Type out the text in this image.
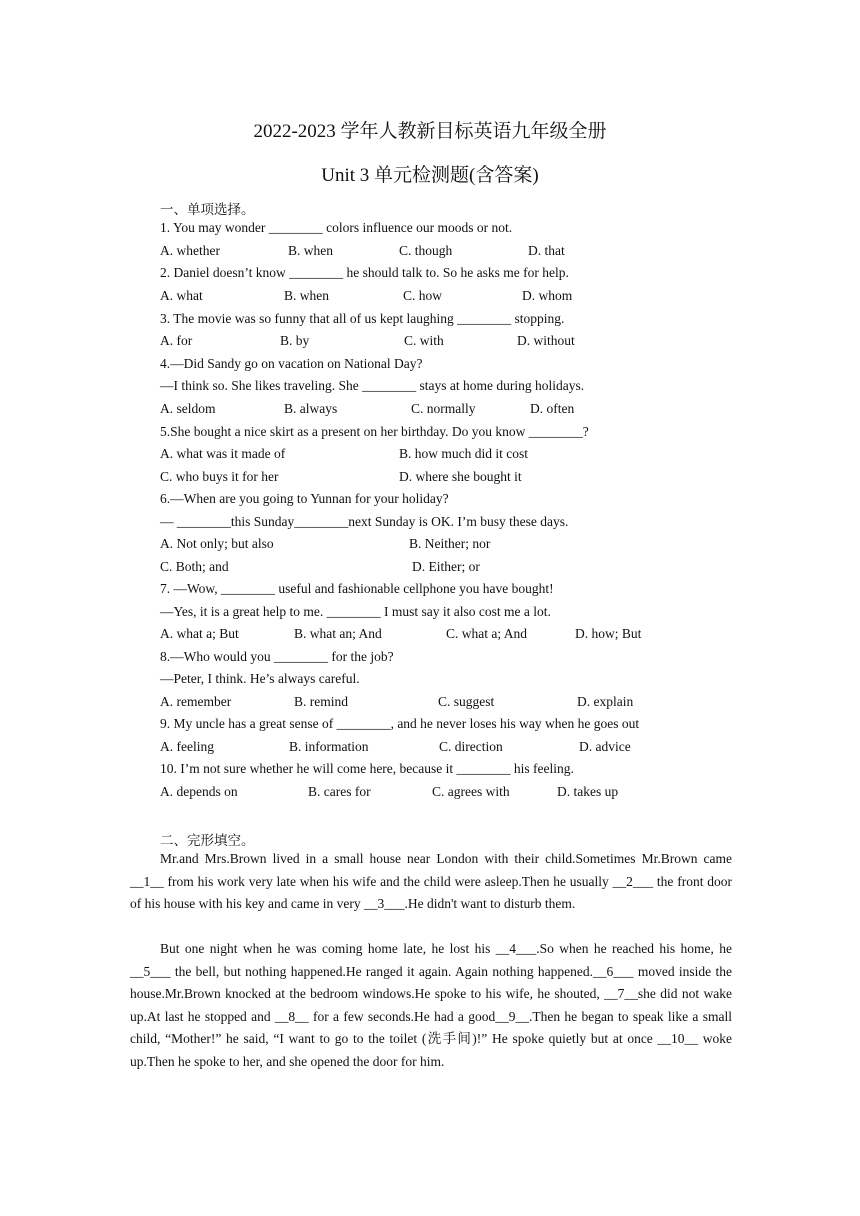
2022-2023 学年人教新目标英语九年级全册
Unit 3 单元检测题(含答案)
一、单项选择。
1. You may wonder ________ colors influence our moods or not.
A. whether	B. when	C. though	D. that
2. Daniel doesn’t know ________ he should talk to. So he asks me for help.
A. what	B. when	C. how	D. whom
3. The movie was so funny that all of us kept laughing ________ stopping.
A. for	B. by	C. with	D. without
4.—Did Sandy go on vacation on National Day?
—I think so. She likes traveling. She ________ stays at home during holidays.
A. seldom	B. always	C. normally	D. often
5.She bought a nice skirt as a present on her birthday. Do you know ________?
A. what was it made of	B. how much did it cost
C. who buys it for her	D. where she bought it
6.—When are you going to Yunnan for your holiday?
— ________this Sunday________next Sunday is OK. I’m busy these days.
A. Not only; but also	B. Neither; nor
C. Both; and	D. Either; or
7. —Wow, ________ useful and fashionable cellphone you have bought!
—Yes, it is a great help to me. ________ I must say it also cost me a lot.
A. what a; But	B. what an; And	C. what a; And	D. how; But
8.—Who would you ________ for the job?
—Peter, I think. He’s always careful.
A. remember	B. remind	C. suggest	D. explain
9. My uncle has a great sense of ________, and he never loses his way when he goes out
A. feeling	B. information	C. direction	D. advice
10. I’m not sure whether he will come here, because it ________ his feeling.
A. depends on	B. cares for	C. agrees with	D. takes up
二、完形填空。

Mr.and Mrs.Brown lived in a small house near London with their child.Sometimes Mr.Brown came __1__ from his work very late when his wife and the child were asleep.Then he usually __2___ the front door of his house with his key and came in very __3___.He didn't want to disturb them.

But one night when he was coming home late, he lost his __4___.So when he reached his home, he __5___ the bell, but nothing happened.He ranged it again. Again nothing happened.__6___ moved inside the house.Mr.Brown knocked at the bedroom windows.He spoke to his wife, he shouted, __7__she did not wake up.At last he stopped and __8__ for a few seconds.He had a good__9__.Then he began to speak like a small child, “Mother!” he said, “I want to go to the toilet (洗手间)!” He spoke quietly but at once __10__ woke up.Then he spoke to her, and she opened the door for him.
